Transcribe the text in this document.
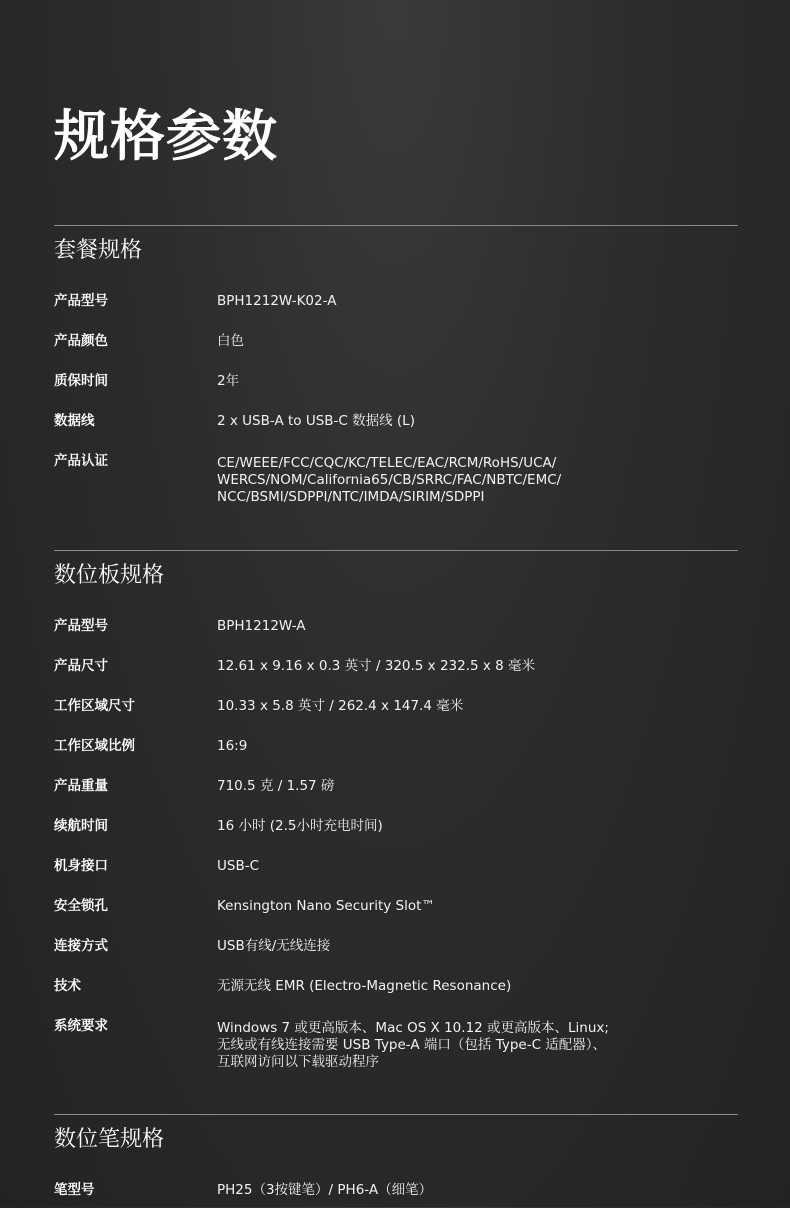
规格参数
套餐规格
产品型号	BPH1212W-K02-A
产品颜色	白色
质保时间	2年
数据线	2 x USB-A to USB-C 数据线 (L)
产品认证	CE/WEEE/FCC/CQC/KC/TELEC/EAC/RCM/RoHS/UCA/
WERCS/NOM/California65/CB/SRRC/FAC/NBTC/EMC/
NCC/BSMI/SDPPI/NTC/IMDA/SIRIM/SDPPI
数位板规格
产品型号	BPH1212W-A
产品尺寸	12.61 x 9.16 x 0.3 英寸 / 320.5 x 232.5 x 8 毫米
工作区域尺寸	10.33 x 5.8 英寸 / 262.4 x 147.4 毫米
工作区域比例	16:9
产品重量	710.5 克 / 1.57 磅
续航时间	16 小时 (2.5小时充电时间)
机身接口	USB-C
安全锁孔	Kensington Nano Security Slot™
连接方式	USB有线/无线连接
技术	无源无线 EMR (Electro-Magnetic Resonance)
系统要求	Windows 7 或更高版本、Mac OS X 10.12 或更高版本、Linux;
无线或有线连接需要 USB Type-A 端口（包括 Type-C 适配器）、
互联网访问以下载驱动程序
数位笔规格
笔型号	PH25（3按键笔）/ PH6-A（细笔）
